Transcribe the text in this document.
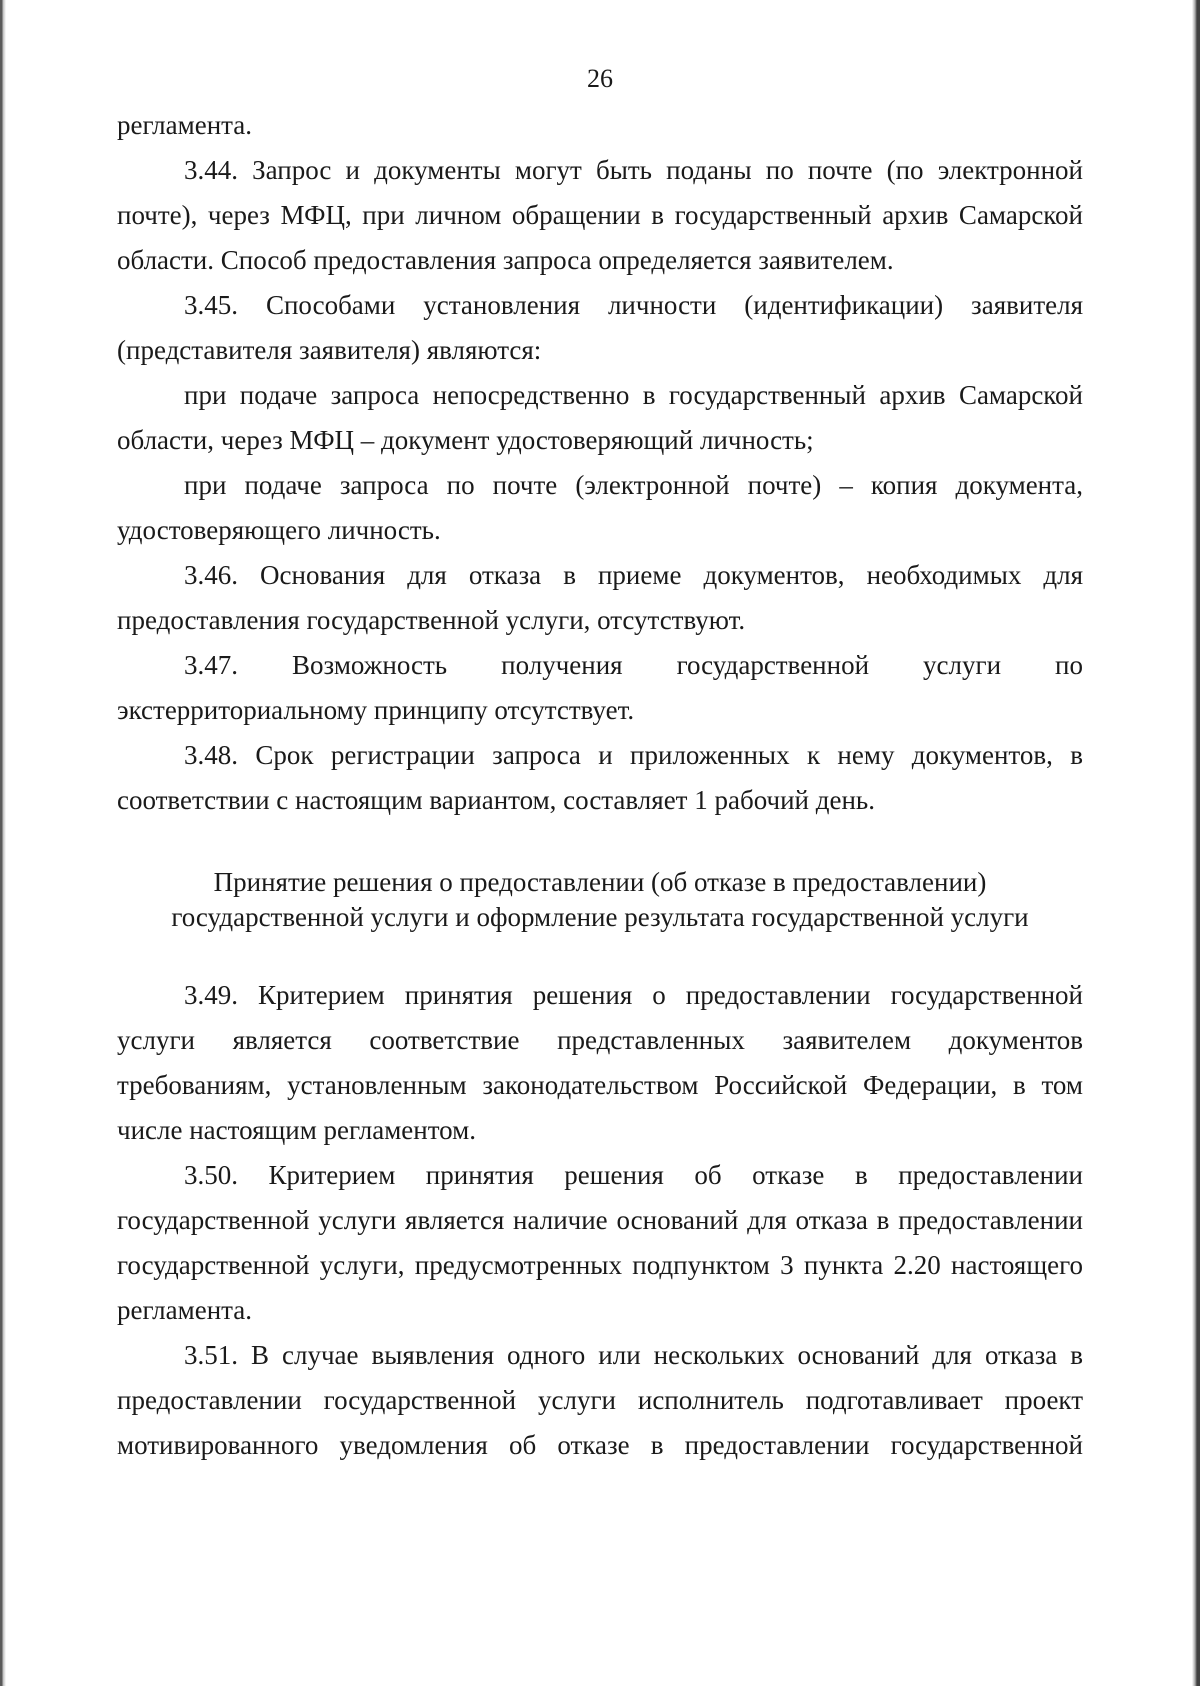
26

регламента.

3.44. Запрос и документы могут быть поданы по почте (по электронной почте), через МФЦ, при личном обращении в государственный архив Самарской области. Способ предоставления запроса определяется заявителем.

3.45. Способами установления личности (идентификации) заявителя (представителя заявителя) являются:

при подаче запроса непосредственно в государственный архив Самарской области, через МФЦ – документ удостоверяющий личность;

при подаче запроса по почте (электронной почте) – копия документа, удостоверяющего личность.

3.46. Основания для отказа в приеме документов, необходимых для предоставления государственной услуги, отсутствуют.

3.47. Возможность получения государственной услуги по экстерриториальному принципу отсутствует.

3.48. Срок регистрации запроса и приложенных к нему документов, в соответствии с настоящим вариантом, составляет 1 рабочий день.

Принятие решения о предоставлении (об отказе в предоставлении)
государственной услуги и оформление результата государственной услуги

3.49. Критерием принятия решения о предоставлении государственной услуги является соответствие представленных заявителем документов требованиям, установленным законодательством Российской Федерации, в том числе настоящим регламентом.

3.50. Критерием принятия решения об отказе в предоставлении государственной услуги является наличие оснований для отказа в предоставлении государственной услуги, предусмотренных подпунктом 3 пункта 2.20 настоящего регламента.

3.51. В случае выявления одного или нескольких оснований для отказа в предоставлении государственной услуги исполнитель подготавливает проект мотивированного уведомления об отказе в предоставлении государственной
